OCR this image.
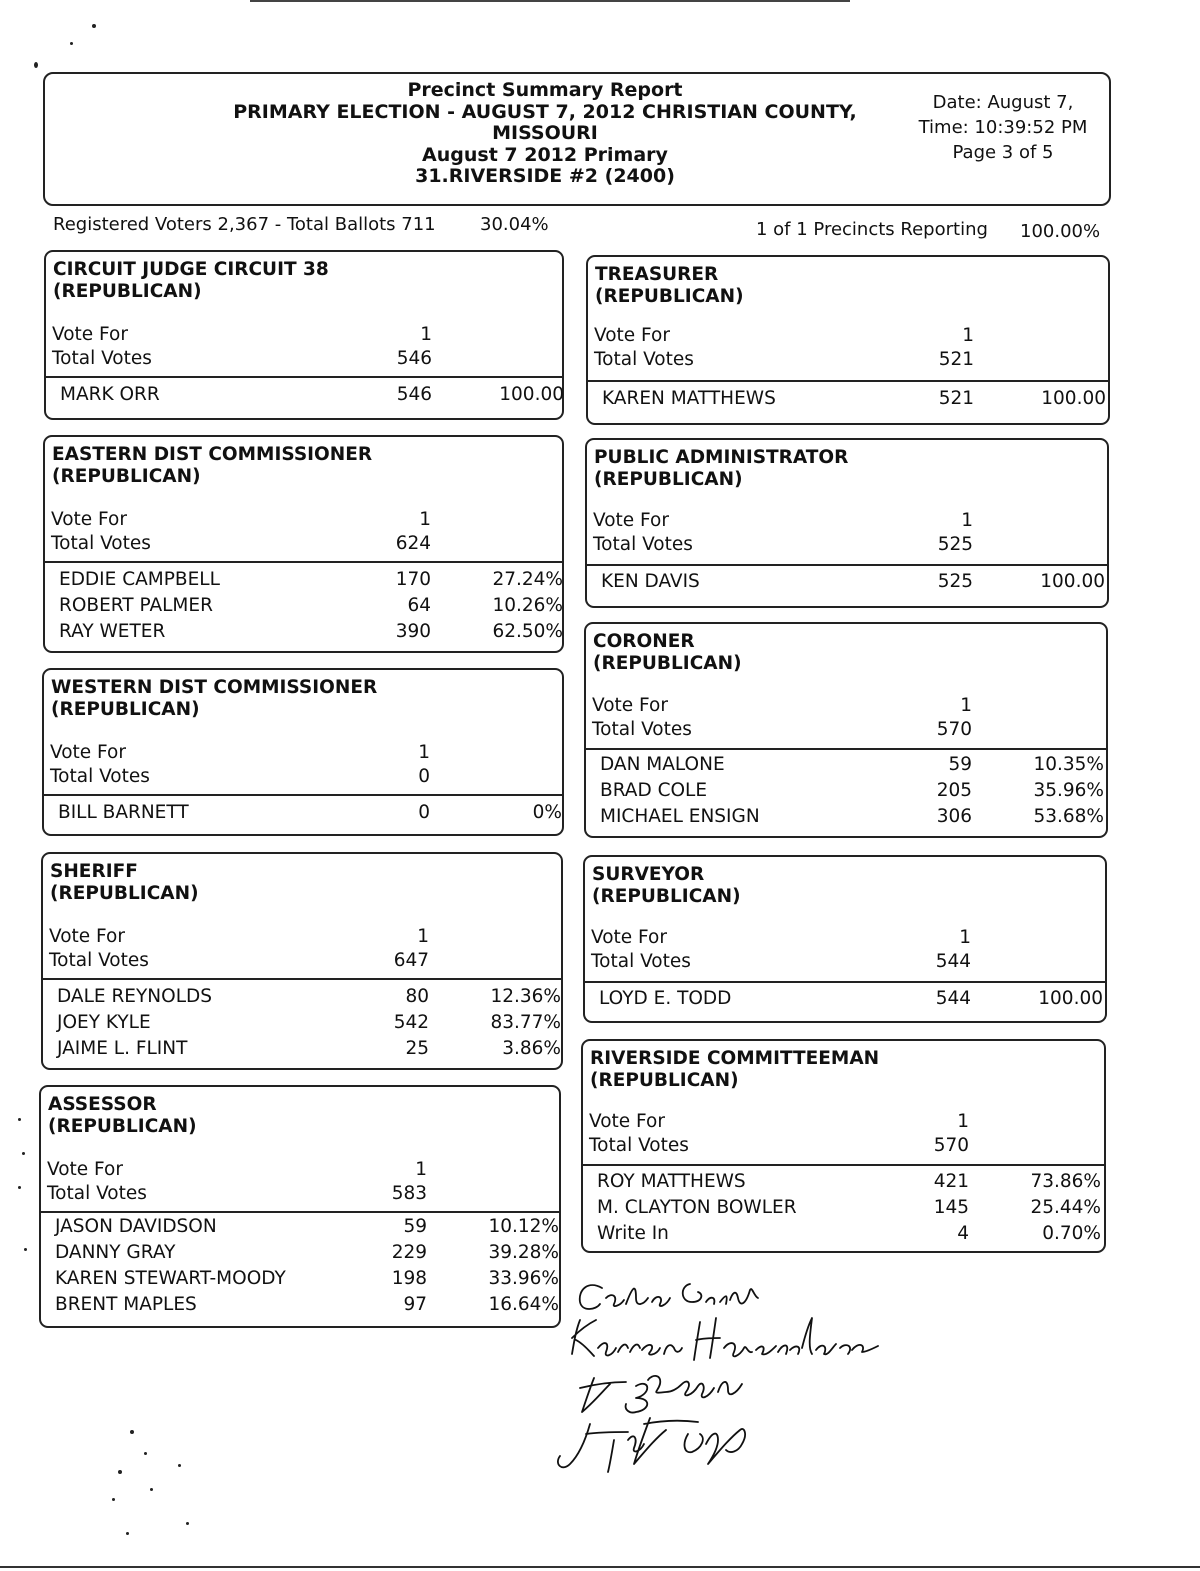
Precinct Summary Report
PRIMARY ELECTION - AUGUST 7, 2012 CHRISTIAN COUNTY,
MISSOURI
August 7 2012 Primary
31.RIVERSIDE #2 (2400)
Date: August 7,
Time: 10:39:52 PM
Page 3 of 5
Registered Voters 2,367 - Total Ballots 711 30.04%	1 of 1 Precincts Reporting 100.00%
CIRCUIT JUDGE CIRCUIT 38
(REPUBLICAN)
Vote For	1
Total Votes	546
MARK ORR	546	100.00
EASTERN DIST COMMISSIONER
(REPUBLICAN)
Vote For	1
Total Votes	624
EDDIE CAMPBELL	170	27.24%
ROBERT PALMER	64	10.26%
RAY WETER	390	62.50%
WESTERN DIST COMMISSIONER
(REPUBLICAN)
Vote For	1
Total Votes	0
BILL BARNETT	0	0%
SHERIFF
(REPUBLICAN)
Vote For	1
Total Votes	647
DALE REYNOLDS	80	12.36%
JOEY KYLE	542	83.77%
JAIME L. FLINT	25	3.86%
ASSESSOR
(REPUBLICAN)
Vote For	1
Total Votes	583
JASON DAVIDSON	59	10.12%
DANNY GRAY	229	39.28%
KAREN STEWART-MOODY	198	33.96%
BRENT MAPLES	97	16.64%
TREASURER
(REPUBLICAN)
Vote For	1
Total Votes	521
KAREN MATTHEWS	521	100.00
PUBLIC ADMINISTRATOR
(REPUBLICAN)
Vote For	1
Total Votes	525
KEN DAVIS	525	100.00
CORONER
(REPUBLICAN)
Vote For	1
Total Votes	570
DAN MALONE	59	10.35%
BRAD COLE	205	35.96%
MICHAEL ENSIGN	306	53.68%
SURVEYOR
(REPUBLICAN)
Vote For	1
Total Votes	544
LOYD E. TODD	544	100.00
RIVERSIDE COMMITTEEMAN
(REPUBLICAN)
Vote For	1
Total Votes	570
ROY MATTHEWS	421	73.86%
M. CLAYTON BOWLER	145	25.44%
Write In	4	0.70%
